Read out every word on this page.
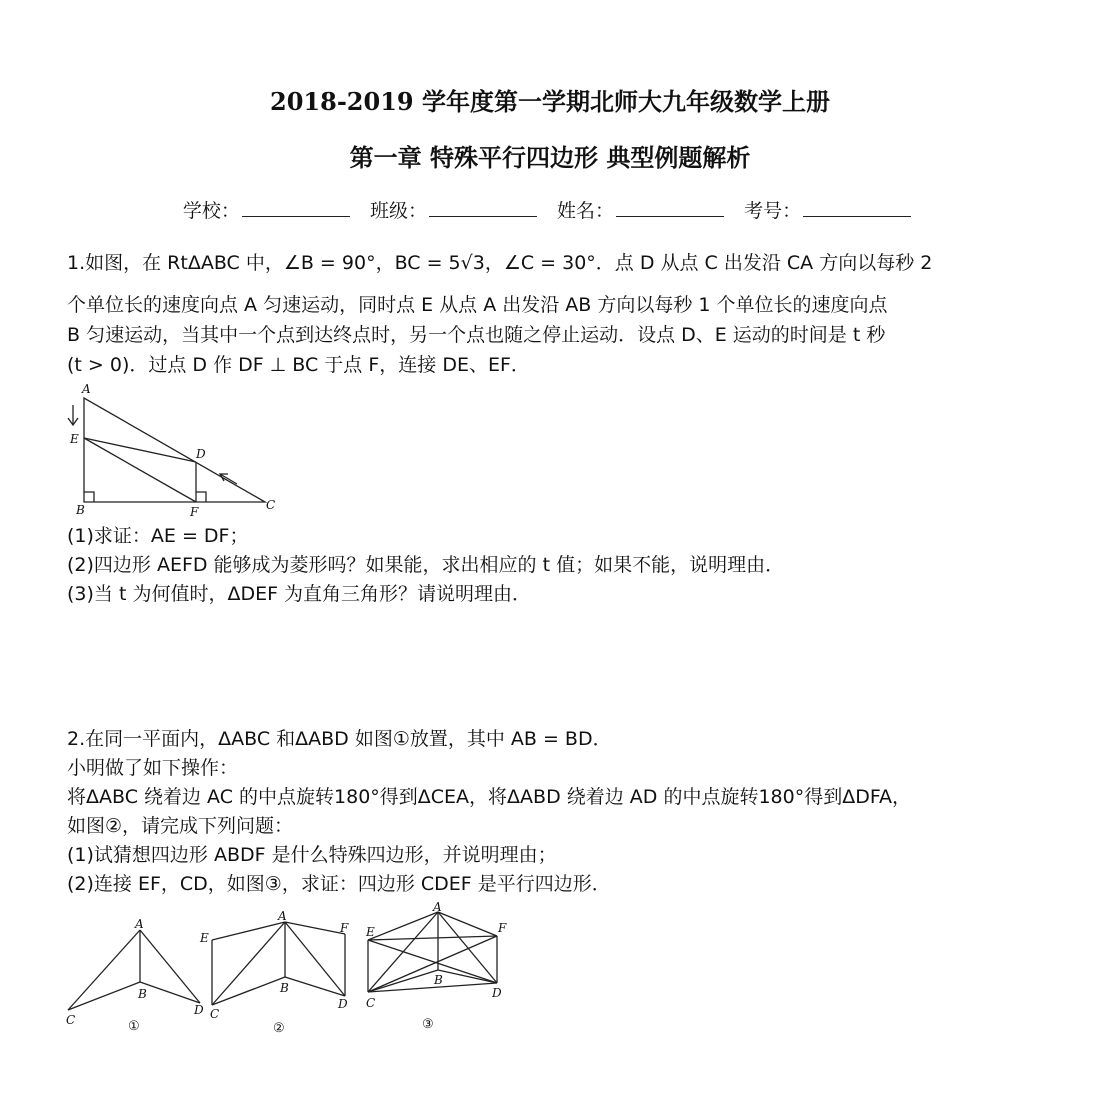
2018-2019 学年度第一学期北师大九年级数学上册
第一章 特殊平行四边形 典型例题解析
学校：	班级：	姓名：	考号：
1.如图，在 RtΔABC 中，∠B = 90°，BC = 5√3，∠C = 30°．点 D 从点 C 出发沿 CA 方向以每秒 2
个单位长的速度向点 A 匀速运动，同时点 E 从点 A 出发沿 AB 方向以每秒 1 个单位长的速度向点
B 匀速运动，当其中一个点到达终点时，另一个点也随之停止运动．设点 D、E 运动的时间是 t 秒
(t > 0)．过点 D 作 DF ⊥ BC 于点 F，连接 DE、EF．
A
E
D
B	F	C
(1)求证：AE = DF；
(2)四边形 AEFD 能够成为菱形吗？如果能，求出相应的 t 值；如果不能，说明理由．
(3)当 t 为何值时，ΔDEF 为直角三角形？请说明理由．
2.在同一平面内，ΔABC 和ΔABD 如图①放置，其中 AB = BD．
小明做了如下操作：
将ΔABC 绕着边 AC 的中点旋转180°得到ΔCEA，将ΔABD 绕着边 AD 的中点旋转180°得到ΔDFA，
如图②，请完成下列问题：
(1)试猜想四边形 ABDF 是什么特殊四边形，并说明理由；
(2)连接 EF，CD，如图③，求证：四边形 CDEF 是平行四边形．
A
B
C
D
①
A
E
F
B
C
D
②
A
E	F
B
C
D
③
